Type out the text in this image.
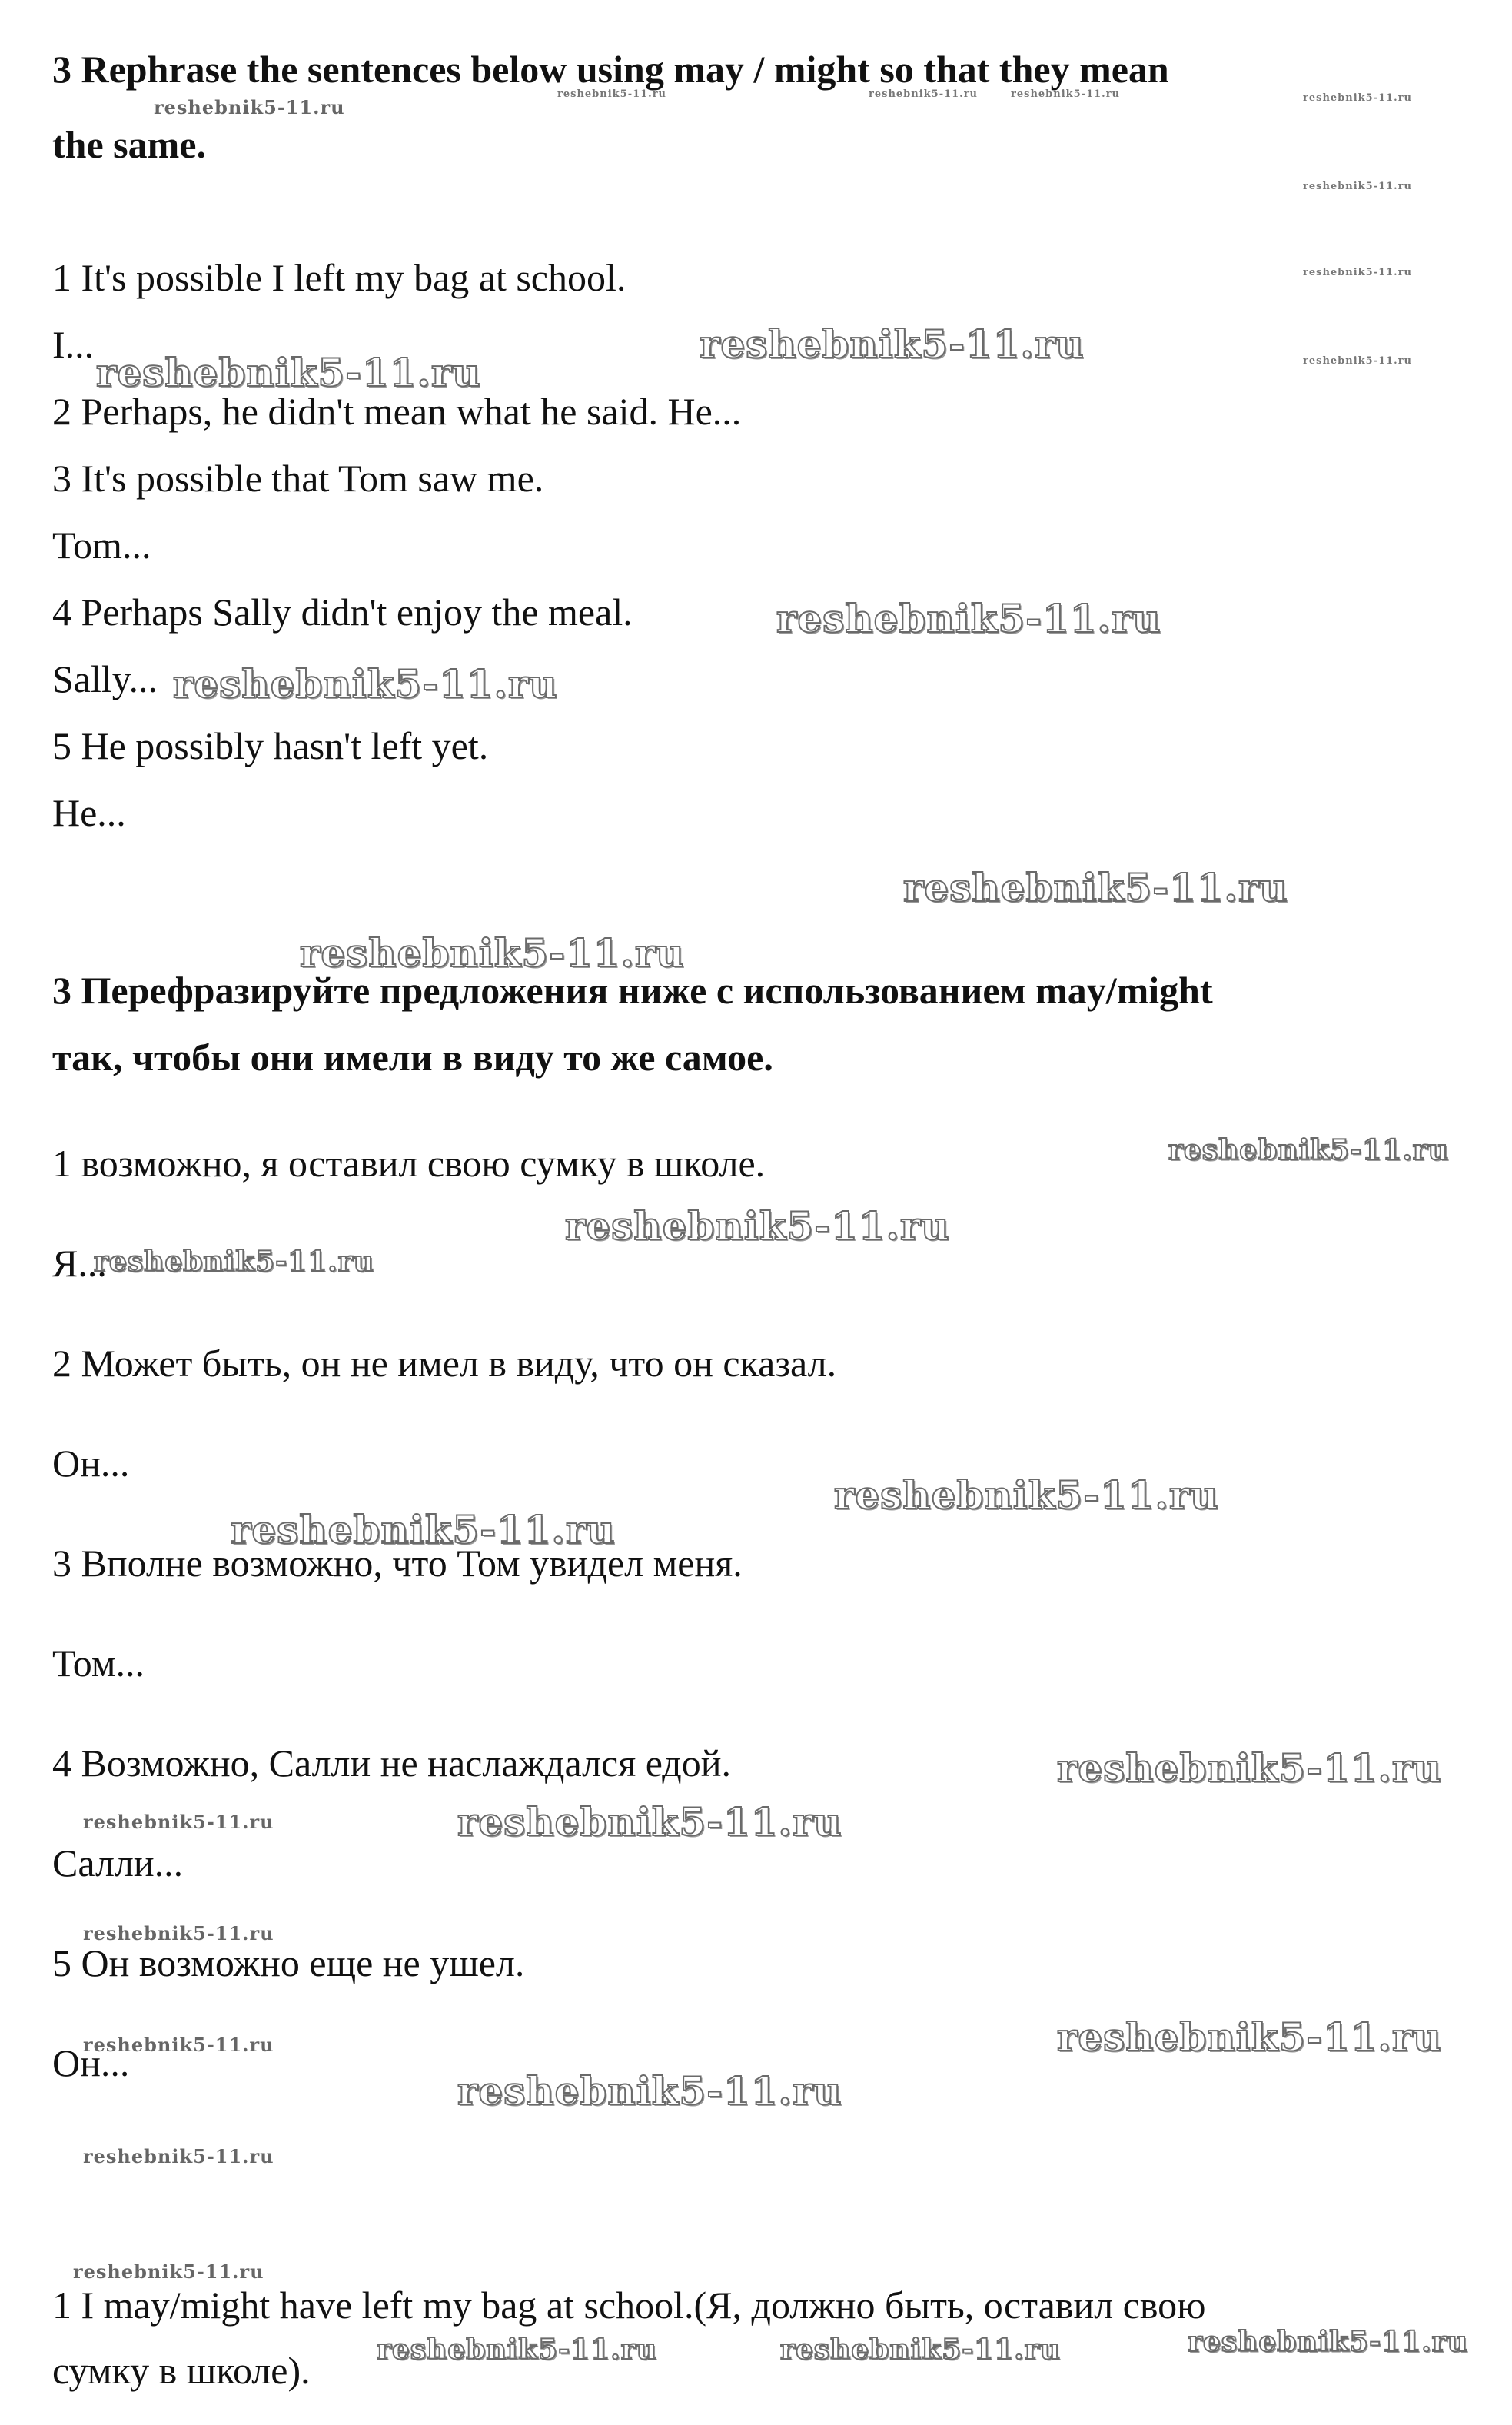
3 Rephrase the sentences below using may / might so that they mean
the same.
1 It's possible I left my bag at school.
I...
2 Perhaps, he didn't mean what he said. He...
3 It's possible that Tom saw me.
Tom...
4 Perhaps Sally didn't enjoy the meal.
Sally...
5 He possibly hasn't left yet.
He...
3 Перефразируйте предложения ниже с использованием may/might
так, чтобы они имели в виду то же самое.
1 возможно, я оставил свою сумку в школе.
Я...
2 Может быть, он не имел в виду, что он сказал.
Он...
3 Вполне возможно, что Том увидел меня.
Том...
4 Возможно, Салли не наслаждался едой.
Салли...
5 Он возможно еще не ушел.
Он...
1 I may/might have left my bag at school.(Я, должно быть, оставил свою
сумку в школе).
reshebnik5-11.ru
reshebnik5-11.ru	reshebnik5-11.ru	reshebnik5-11.ru	reshebnik5-11.ru
reshebnik5-11.ru
reshebnik5-11.ru
reshebnik5-11.ru
reshebnik5-11.ru
reshebnik5-11.ru
reshebnik5-11.ru
reshebnik5-11.ru
reshebnik5-11.ru
reshebnik5-11.ru
reshebnik5-11.ru
reshebnik5-11.ru
reshebnik5-11.ru
reshebnik5-11.ru
reshebnik5-11.ru
reshebnik5-11.ru
reshebnik5-11.ru
reshebnik5-11.ru
reshebnik5-11.ru
reshebnik5-11.ru
reshebnik5-11.ru
reshebnik5-11.ru
reshebnik5-11.ru
reshebnik5-11.ru
reshebnik5-11.ru	reshebnik5-11.ru	reshebnik5-11.ru
